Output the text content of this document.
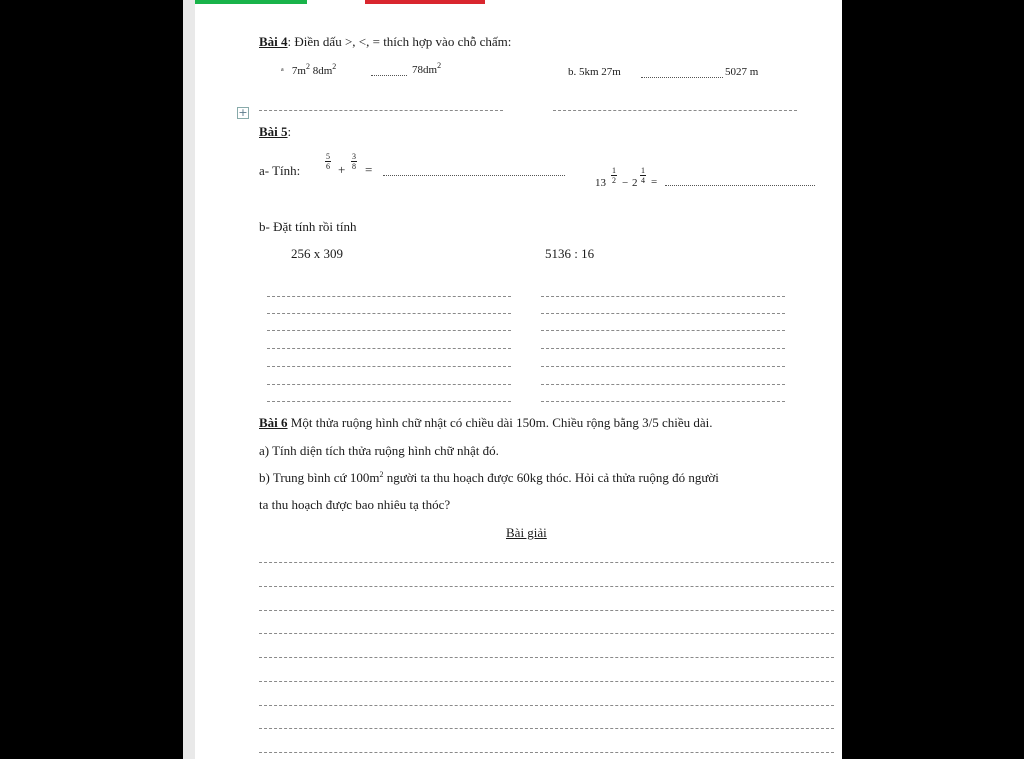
Bài 4: Điền dấu >, <, = thích hợp vào chỗ chấm:
$^a$ $7m^2$ $8dm^2$	$78dm^2$
b. 5km 27m	5027 m
+
Bài 5:
a- Tính:	$\frac{5}{6} + \frac{3}{8}$ =
$13 \frac{1}{2} - 2 \frac{1}{4}$ =
b- Đặt tính rồi tính
256 x 309	5136 : 16
Bài 6 Một thửa ruộng hình chữ nhật có chiều dài 150m. Chiều rộng bằng 3/5 chiều dài.
a) Tính diện tích thửa ruộng hình chữ nhật đó.
b) Trung bình cứ $100m^2$ người ta thu hoạch được 60kg thóc. Hỏi cả thửa ruộng đó người
ta thu hoạch được bao nhiêu tạ thóc?
Bài giải
